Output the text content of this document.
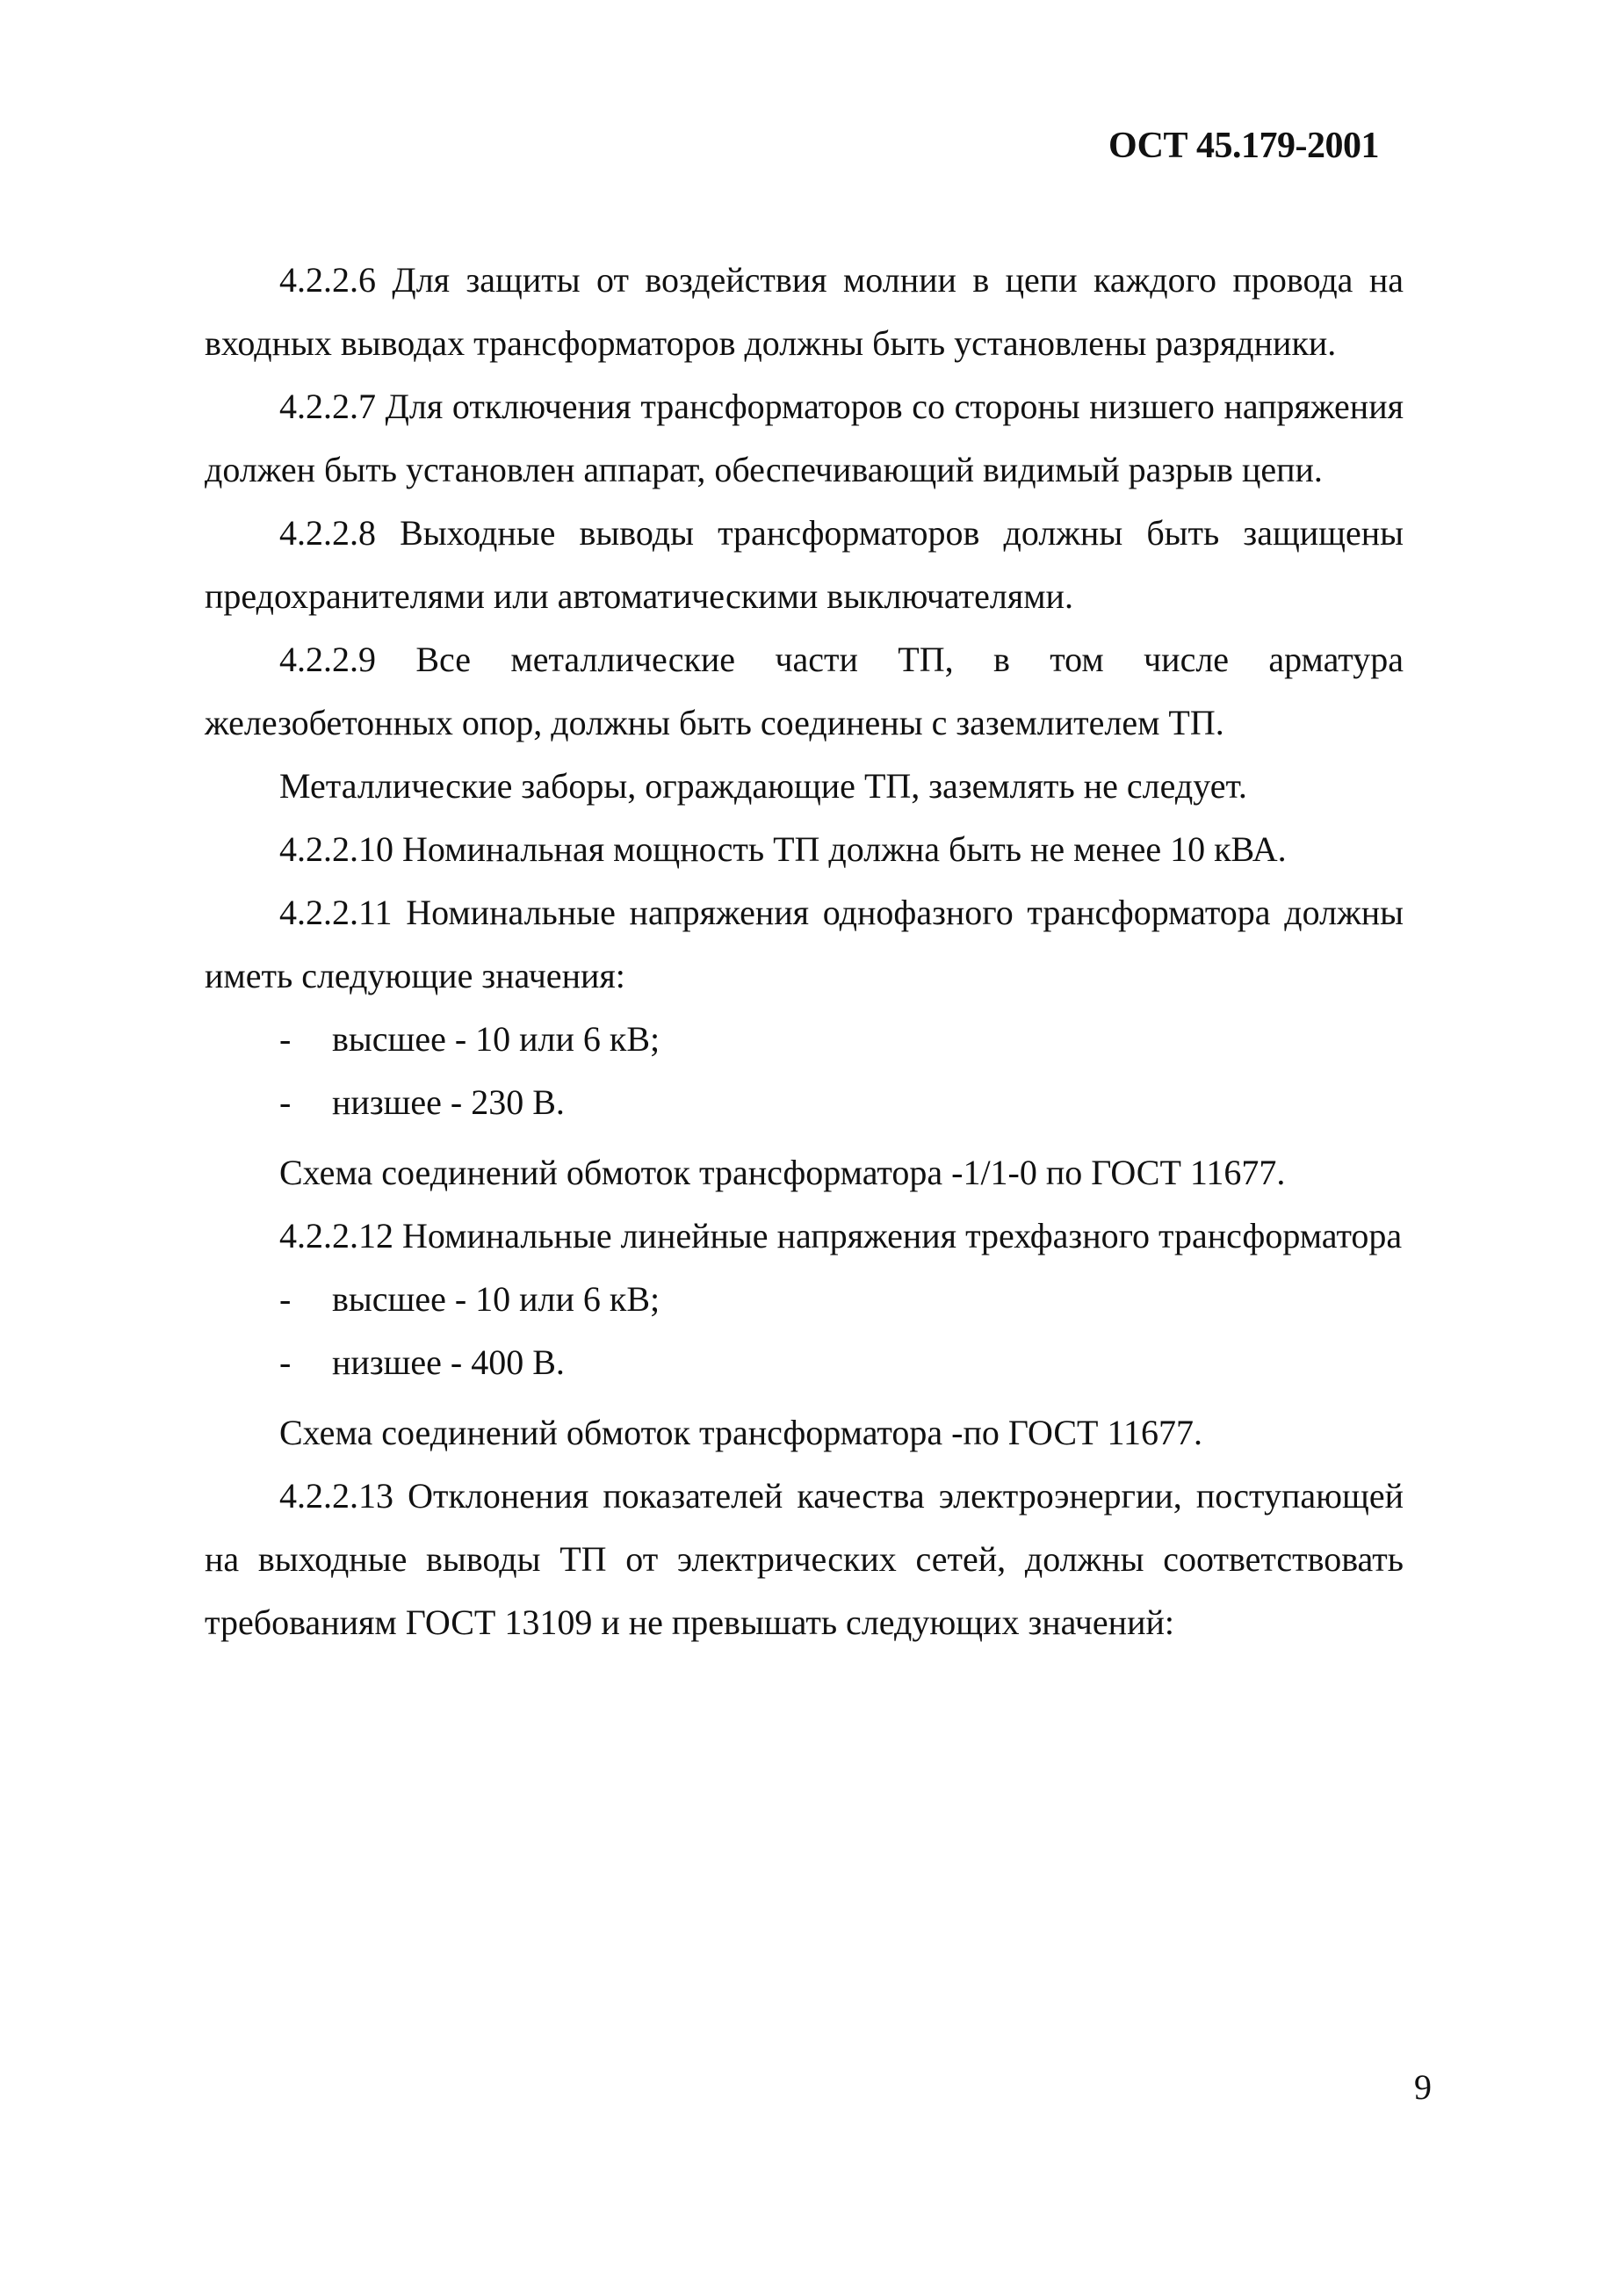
ОСТ 45.179-2001

4.2.2.6 Для защиты от воздействия молнии в цепи каждого провода на входных выводах трансформаторов должны быть установлены разрядники.

4.2.2.7 Для отключения трансформаторов со стороны низшего напряжения должен быть установлен аппарат, обеспечивающий видимый разрыв цепи.

4.2.2.8 Выходные выводы трансформаторов должны быть защищены предохранителями или автоматическими выключателями.

4.2.2.9 Все металлические части ТП, в том числе арматура железобетонных опор, должны быть соединены с заземлителем ТП.

Металлические заборы, ограждающие ТП, заземлять не следует.

4.2.2.10 Номинальная мощность ТП должна быть не менее 10 кВА.

4.2.2.11 Номинальные напряжения однофазного трансформатора должны иметь следующие значения:

- высшее - 10 или 6 кВ;

- низшее - 230 В.

Схема соединений обмоток трансформатора -1/1-0 по ГОСТ 11677.

4.2.2.12 Номинальные линейные напряжения трехфазного трансформатора

- высшее - 10 или 6 кВ;

- низшее - 400 В.

Схема соединений обмоток трансформатора -по ГОСТ 11677.

4.2.2.13 Отклонения показателей качества электроэнергии, поступающей на выходные выводы ТП от электрических сетей, должны соответствовать требованиям ГОСТ 13109 и не превышать следующих значений:

9
